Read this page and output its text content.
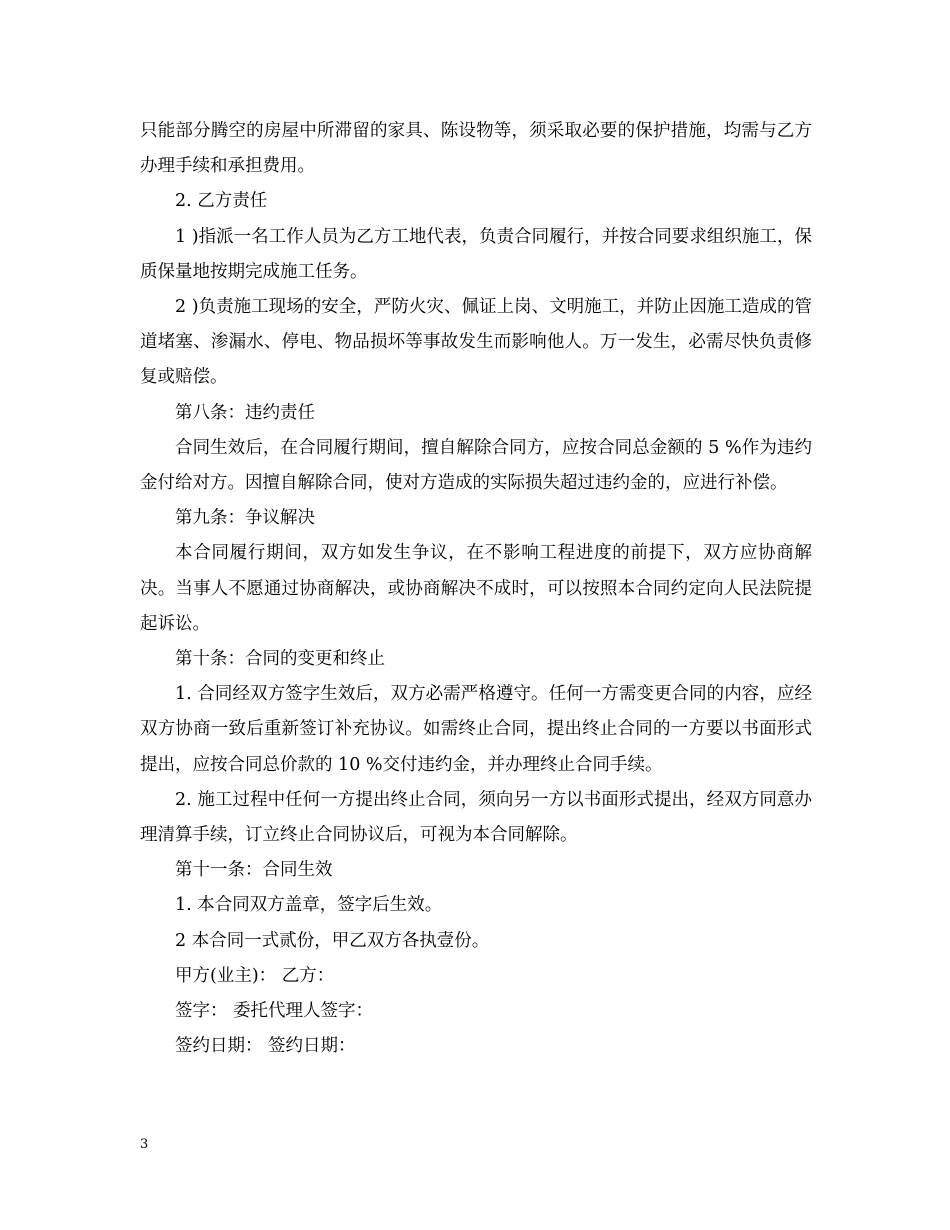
只能部分腾空的房屋中所滞留的家具、陈设物等，须采取必要的保护措施，均需与乙方办理手续和承担费用。

2. 乙方责任

1 )指派一名工作人员为乙方工地代表，负责合同履行，并按合同要求组织施工，保质保量地按期完成施工任务。

2 )负责施工现场的安全，严防火灾、佩证上岗、文明施工，并防止因施工造成的管道堵塞、渗漏水、停电、物品损坏等事故发生而影响他人。万一发生，必需尽快负责修复或赔偿。

第八条：违约责任

合同生效后，在合同履行期间，擅自解除合同方，应按合同总金额的 5 %作为违约金付给对方。因擅自解除合同，使对方造成的实际损失超过违约金的，应进行补偿。

第九条：争议解决

本合同履行期间，双方如发生争议，在不影响工程进度的前提下，双方应协商解决。当事人不愿通过协商解决，或协商解决不成时，可以按照本合同约定向人民法院提起诉讼。

第十条：合同的变更和终止

1. 合同经双方签字生效后，双方必需严格遵守。任何一方需变更合同的内容，应经双方协商一致后重新签订补充协议。如需终止合同，提出终止合同的一方要以书面形式提出，应按合同总价款的 10 %交付违约金，并办理终止合同手续。

2. 施工过程中任何一方提出终止合同，须向另一方以书面形式提出，经双方同意办理清算手续，订立终止合同协议后，可视为本合同解除。

第十一条：合同生效

1. 本合同双方盖章，签字后生效。

2 本合同一式贰份，甲乙双方各执壹份。

甲方(业主)： 乙方：

签字： 委托代理人签字：

签约日期： 签约日期：

3
